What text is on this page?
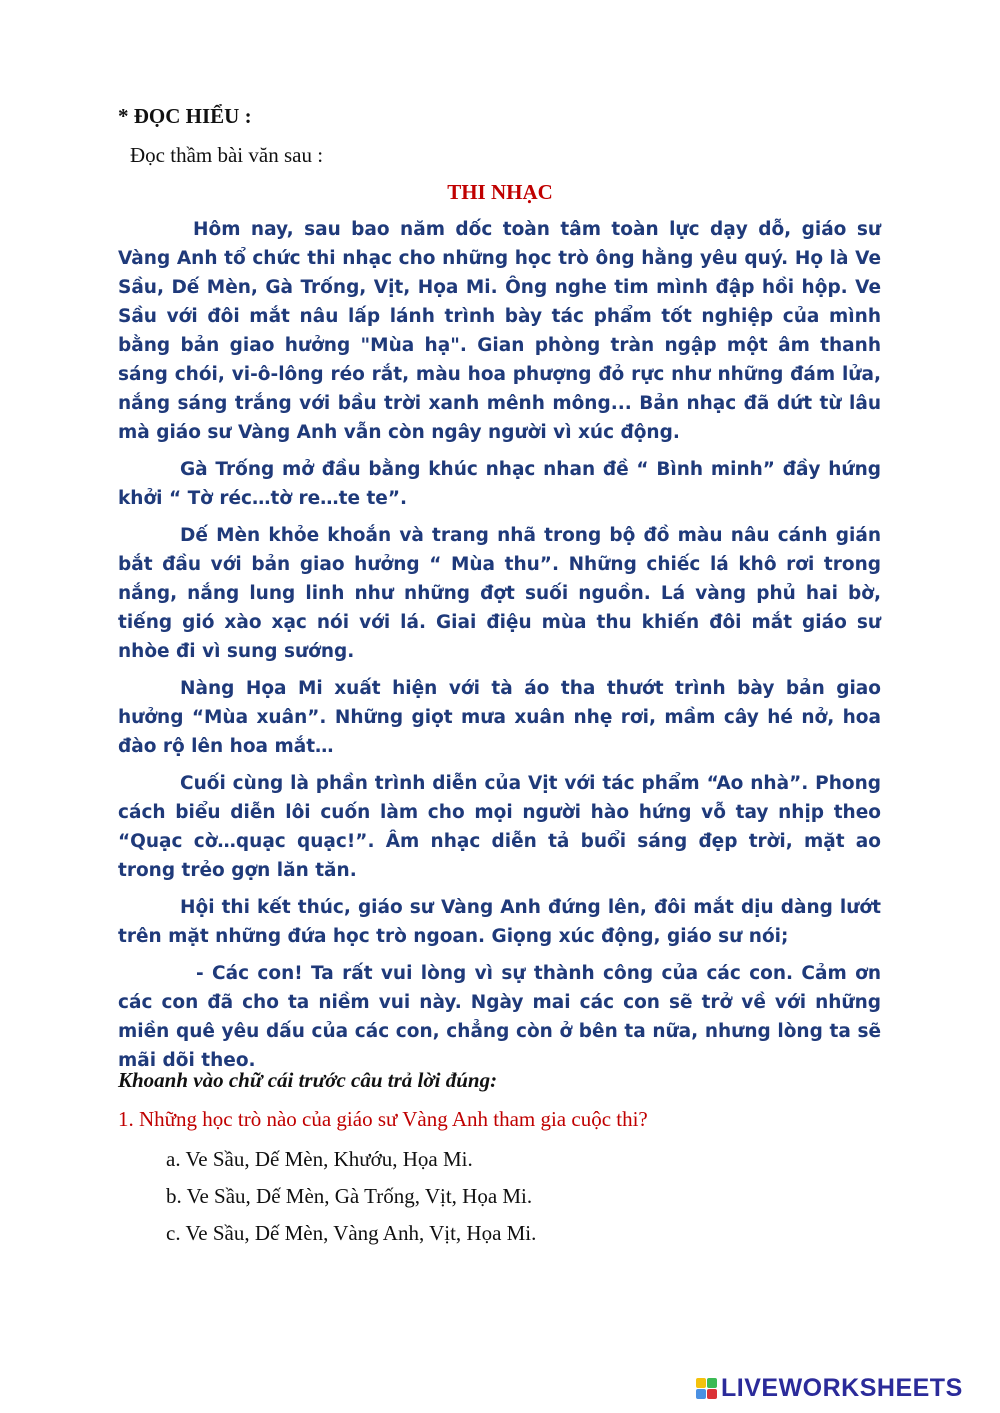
* ĐỌC HIỂU :

Đọc thầm bài văn sau :

THI NHẠC

Hôm nay, sau bao năm dốc toàn tâm toàn lực dạy dỗ, giáo sư Vàng Anh tổ chức thi nhạc cho những học trò ông hằng yêu quý. Họ là Ve Sầu, Dế Mèn, Gà Trống, Vịt, Họa Mi. Ông nghe tim mình đập hồi hộp. Ve Sầu với đôi mắt nâu lấp lánh trình bày tác phẩm tốt nghiệp của mình bằng bản giao hưởng "Mùa hạ". Gian phòng tràn ngập một âm thanh sáng chói, vi-ô-lông réo rắt, màu hoa phượng đỏ rực như những đám lửa, nắng sáng trắng với bầu trời xanh mênh mông... Bản nhạc đã dứt từ lâu mà giáo sư Vàng Anh vẫn còn ngây người vì xúc động.

Gà Trống mở đầu bằng khúc nhạc nhan đề “ Bình minh” đầy hứng khởi “ Tờ réc…tờ re…te te”.

Dế Mèn khỏe khoắn và trang nhã trong bộ đồ màu nâu cánh gián bắt đầu với bản giao hưởng “ Mùa thu”. Những chiếc lá khô rơi trong nắng, nắng lung linh như những đợt suối nguồn. Lá vàng phủ hai bờ, tiếng gió xào xạc nói với lá. Giai điệu mùa thu khiến đôi mắt giáo sư nhòe đi vì sung sướng.

Nàng Họa Mi xuất hiện với tà áo tha thướt trình bày bản giao hưởng “Mùa xuân”. Những giọt mưa xuân nhẹ rơi, mầm cây hé nở, hoa đào rộ lên hoa mắt…

Cuối cùng là phần trình diễn của Vịt với tác phẩm “Ao nhà”. Phong cách biểu diễn lôi cuốn làm cho mọi người hào hứng vỗ tay nhịp theo “Quạc cờ…quạc quạc!”. Âm nhạc diễn tả buổi sáng đẹp trời, mặt ao trong trẻo gợn lăn tăn.

Hội thi kết thúc, giáo sư Vàng Anh đứng lên, đôi mắt dịu dàng lướt trên mặt những đứa học trò ngoan. Giọng xúc động, giáo sư nói;

- Các con! Ta rất vui lòng vì sự thành công của các con. Cảm ơn các con đã cho ta niềm vui này. Ngày mai các con sẽ trở về với những miền quê yêu dấu của các con, chẳng còn ở bên ta nữa, nhưng lòng ta sẽ mãi dõi theo.

Khoanh vào chữ cái trước câu trả lời đúng:

1. Những học trò nào của giáo sư Vàng Anh tham gia cuộc thi?

a. Ve Sầu, Dế Mèn, Khướu, Họa Mi.
b. Ve Sầu, Dế Mèn, Gà Trống, Vịt, Họa Mi.
c. Ve Sầu, Dế Mèn, Vàng Anh, Vịt, Họa Mi.
LIVEWORKSHEETS
